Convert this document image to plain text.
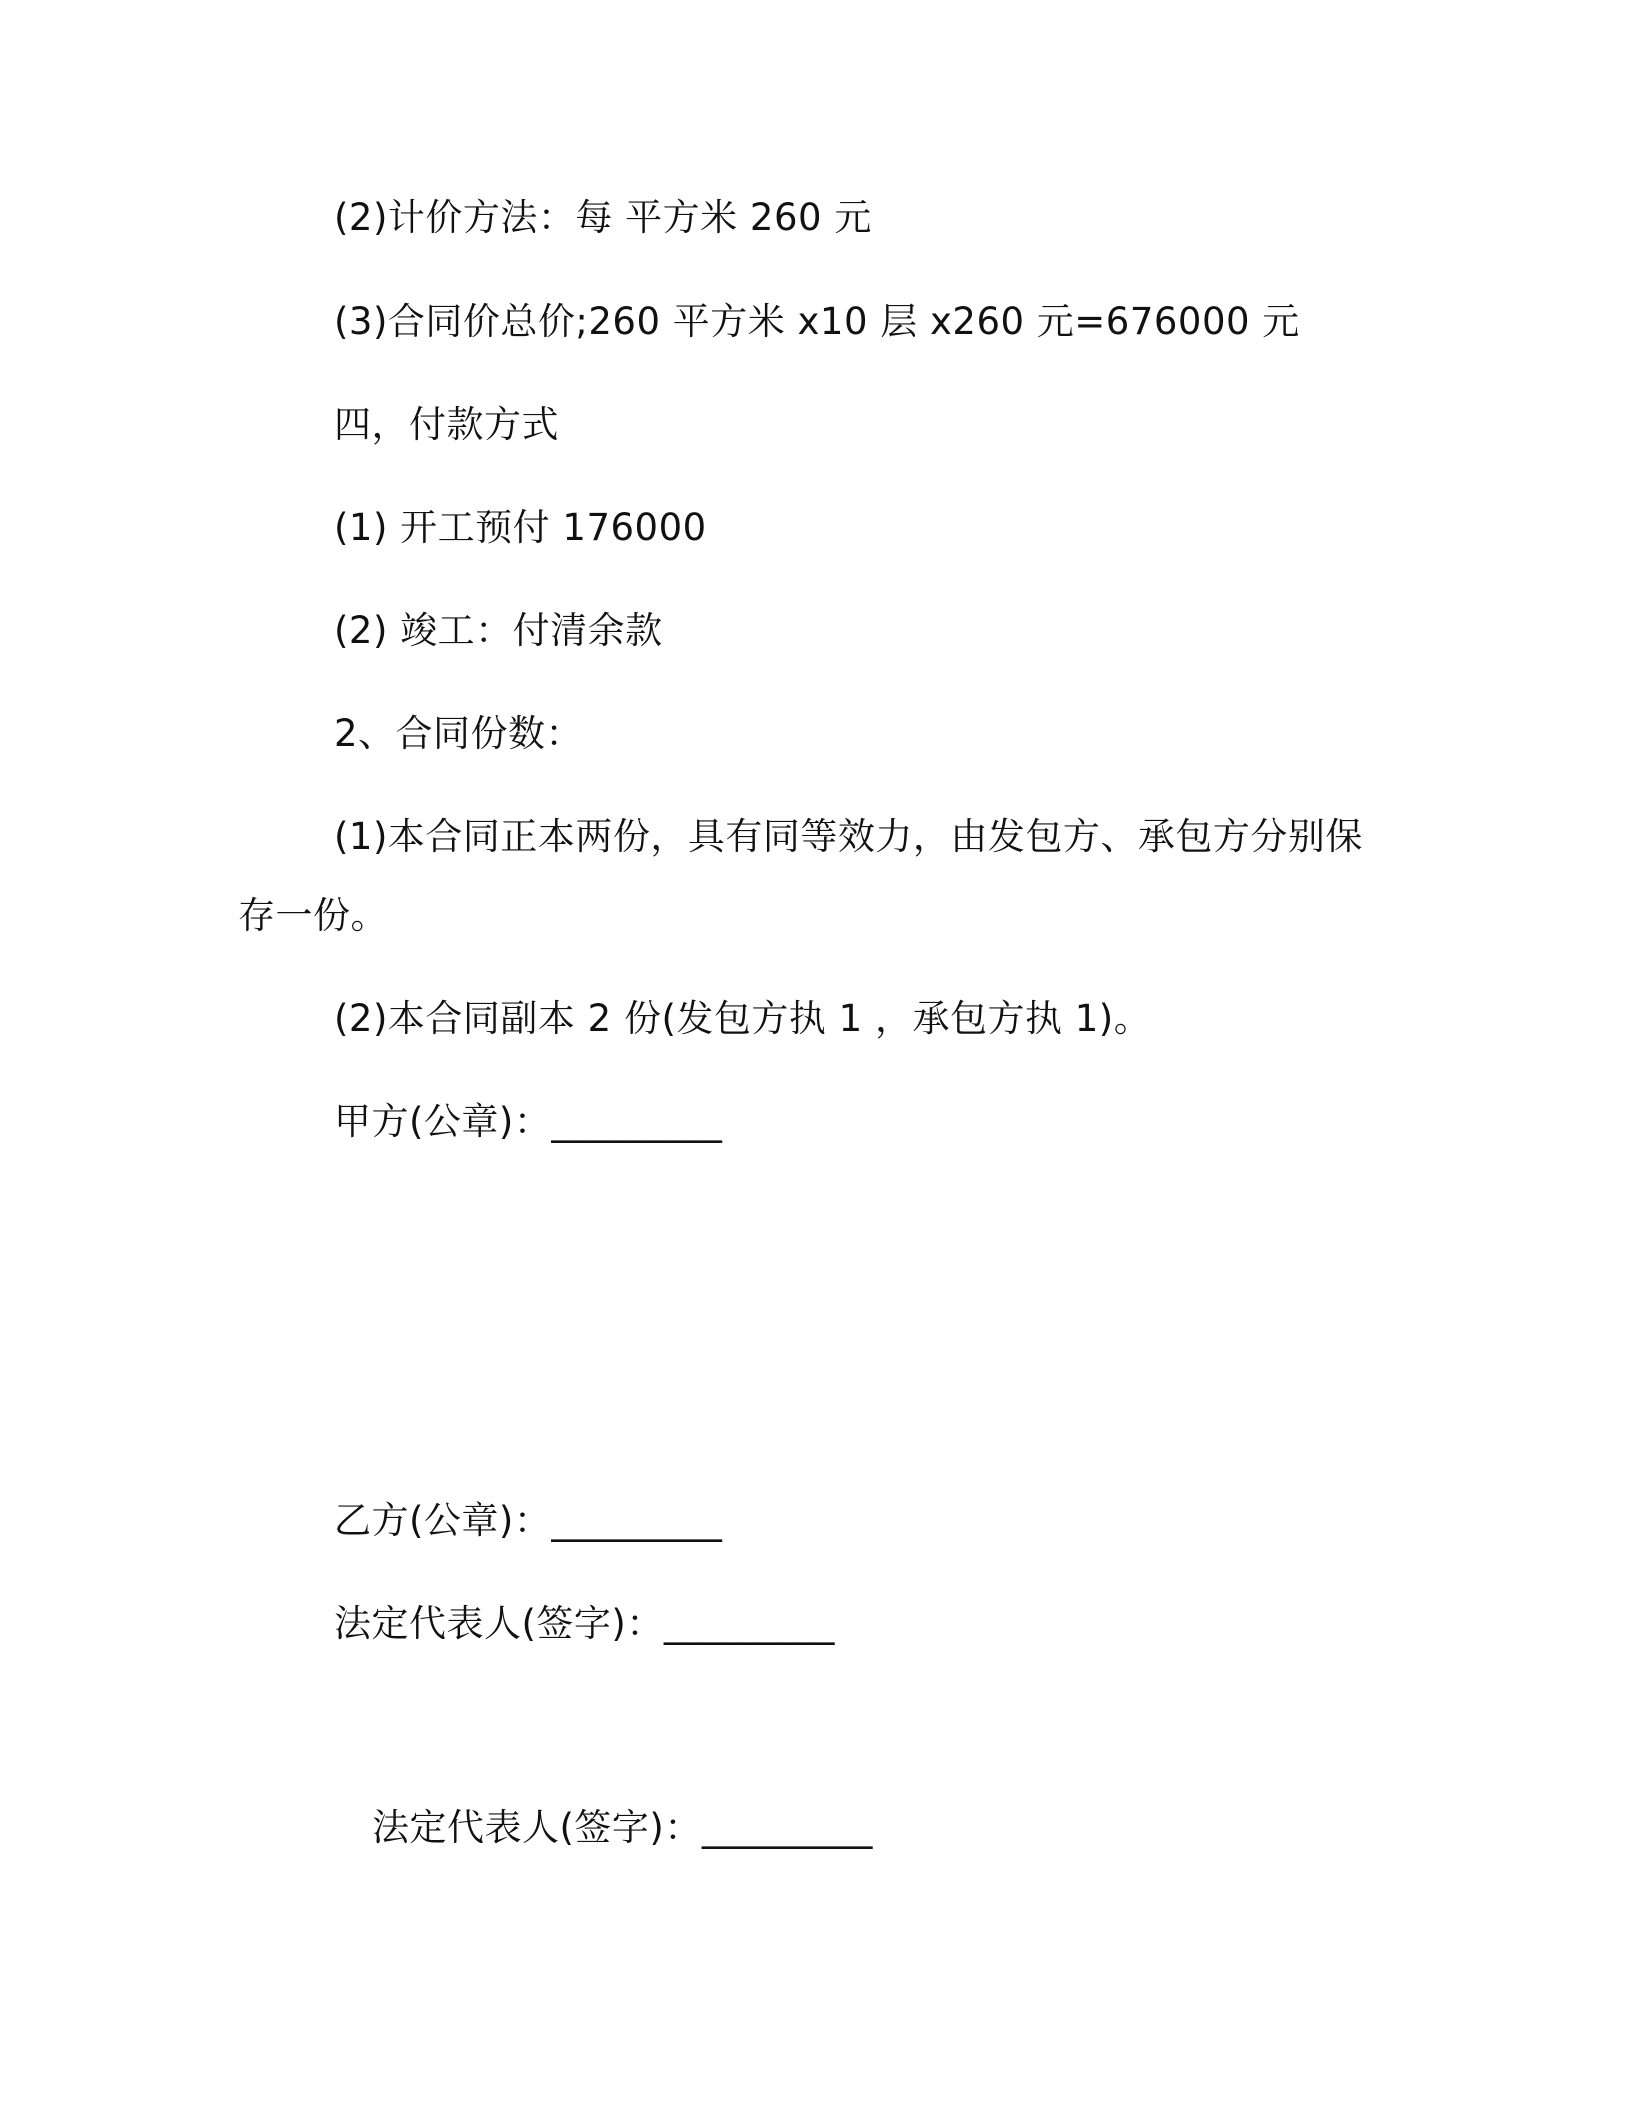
(2)计价方法：每 平方米 260 元
(3)合同价总价;260 平方米 x10 层 x260 元=676000 元
四，付款方式
(1) 开工预付 176000
(2) 竣工：付清余款
2、合同份数：
(1)本合同正本两份，具有同等效力，由发包方、承包方分别保
存一份。
(2)本合同副本 2 份(发包方执 1 ，承包方执 1)。
甲方(公章)：_________
乙方(公章)：_________
法定代表人(签字)：_________
法定代表人(签字)：_________
